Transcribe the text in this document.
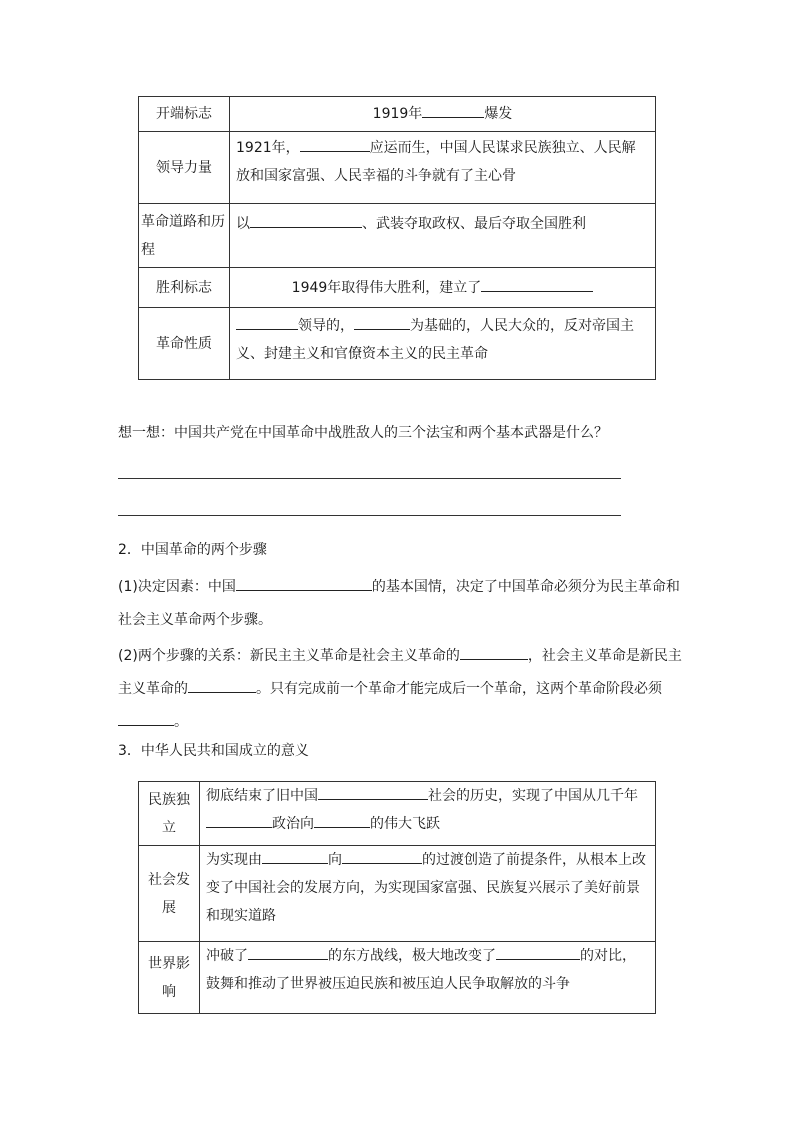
开端标志	1919年 爆发
领导力量	1921年， 应运而生，中国人民谋求民族独立、人民解放和国家富强、人民幸福的斗争就有了主心骨
革命道路和历程	以 、武装夺取政权、最后夺取全国胜利
胜利标志	1949年取得伟大胜利，建立了
革命性质	领导的， 为基础的，人民大众的，反对帝国主义、封建主义和官僚资本主义的民主革命
想一想：中国共产党在中国革命中战胜敌人的三个法宝和两个基本武器是什么？
2．中国革命的两个步骤
(1)决定因素：中国	的基本国情，决定了中国革命必须分为民主革命和社会主义革命两个步骤。
(2)两个步骤的关系：新民主主义革命是社会主义革命的	，社会主义革命是新民主主义革命的	。只有完成前一个革命才能完成后一个革命，这两个革命阶段必须。
3．中华人民共和国成立的意义
民族独立	彻底结束了旧中国 社会的历史，实现了中国从几千年政治向 的伟大飞跃
社会发展	为实现由 向 的过渡创造了前提条件，从根本上改变了中国社会的发展方向，为实现国家富强、民族复兴展示了美好前景和现实道路
世界影响	冲破了 的东方战线，极大地改变了 的对比，鼓舞和推动了世界被压迫民族和被压迫人民争取解放的斗争
